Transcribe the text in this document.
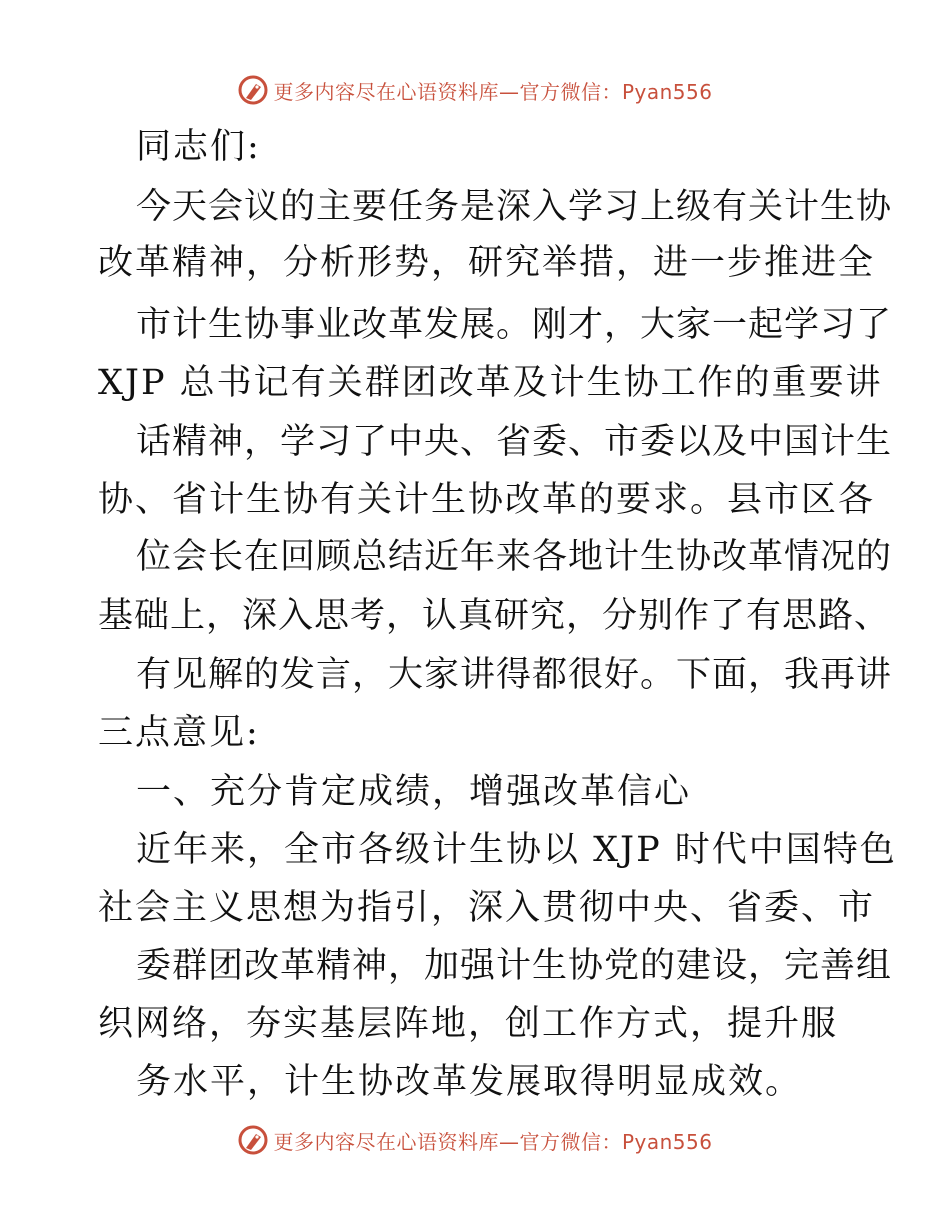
更多内容尽在心语资料库—官方微信：Pyan556
同志们:
今天会议的主要任务是深入学习上级有关计生协
改革精神，分析形势，研究举措，进一步推进全
市计生协事业改革发展。刚才，大家一起学习了
XJP 总书记有关群团改革及计生协工作的重要讲
话精神，学习了中央、省委、市委以及中国计生
协、省计生协有关计生协改革的要求。县市区各
位会长在回顾总结近年来各地计生协改革情况的
基础上，深入思考，认真研究，分别作了有思路、
有见解的发言，大家讲得都很好。下面，我再讲
三点意见:
一、充分肯定成绩，增强改革信心
近年来，全市各级计生协以 XJP 时代中国特色
社会主义思想为指引，深入贯彻中央、省委、市
委群团改革精神，加强计生协党的建设，完善组
织网络，夯实基层阵地，创工作方式，提升服
务水平，计生协改革发展取得明显成效。
更多内容尽在心语资料库—官方微信：Pyan556
